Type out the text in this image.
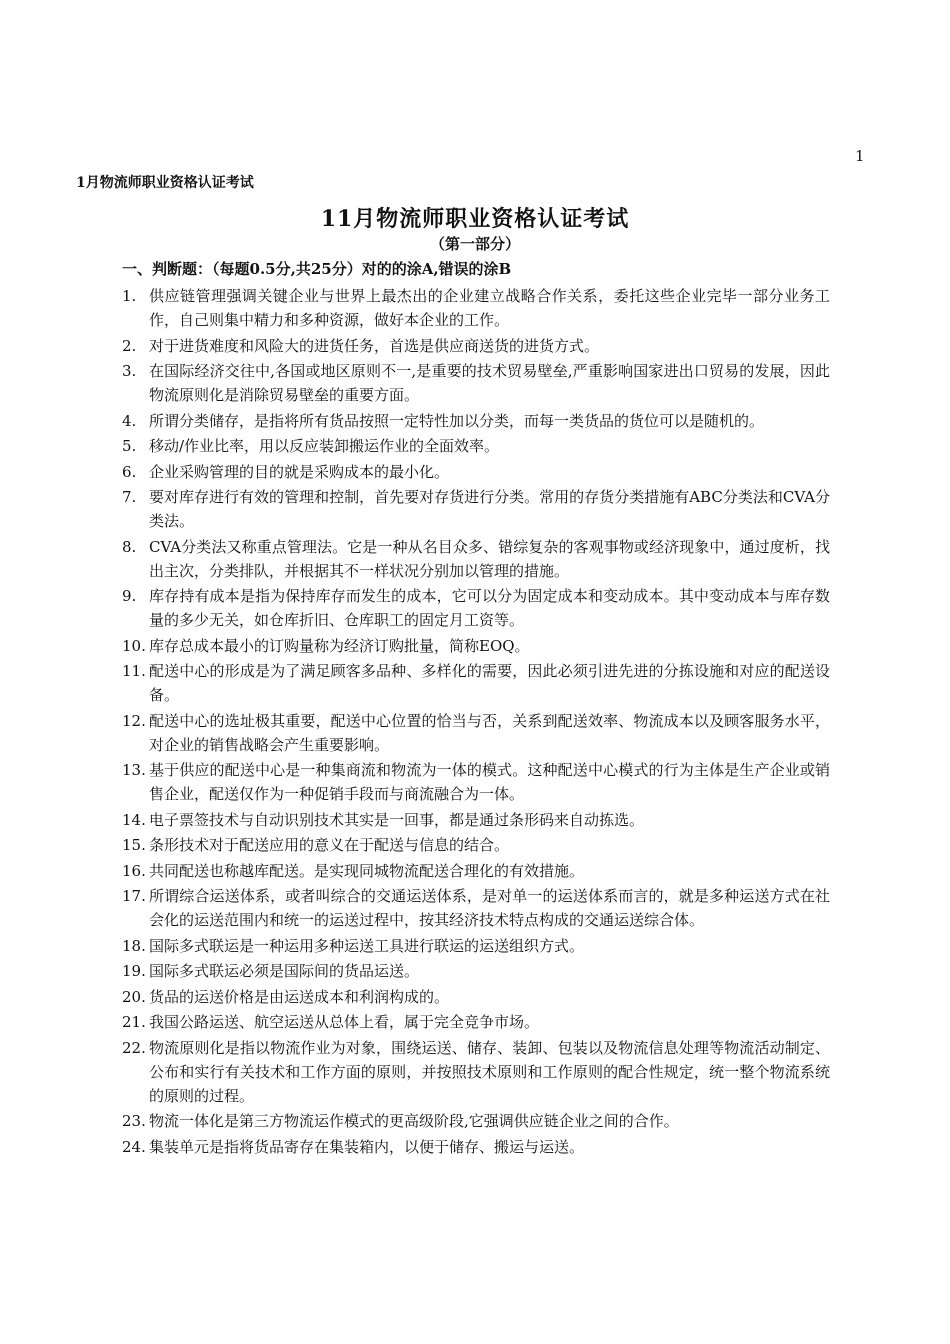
1
1月物流师职业资格认证考试
11月物流师职业资格认证考试
（第一部分）
一、判断题：（每题0.5分,共25分）对的的涂A,错误的涂B
1. 供应链管理强调关键企业与世界上最杰出的企业建立战略合作关系，委托这些企业完毕一部分业务工作，自己则集中精力和多种资源，做好本企业的工作。
2. 对于进货难度和风险大的进货任务，首选是供应商送货的进货方式。
3. 在国际经济交往中,各国或地区原则不一,是重要的技术贸易壁垒,严重影响国家进出口贸易的发展，因此物流原则化是消除贸易壁垒的重要方面。
4. 所谓分类储存，是指将所有货品按照一定特性加以分类，而每一类货品的货位可以是随机的。
5. 移动/作业比率，用以反应装卸搬运作业的全面效率。
6. 企业采购管理的目的就是采购成本的最小化。
7. 要对库存进行有效的管理和控制，首先要对存货进行分类。常用的存货分类措施有ABC分类法和CVA分类法。
8. CVA分类法又称重点管理法。它是一种从名目众多、错综复杂的客观事物或经济现象中，通过度析，找出主次，分类排队，并根据其不一样状况分别加以管理的措施。
9. 库存持有成本是指为保持库存而发生的成本，它可以分为固定成本和变动成本。其中变动成本与库存数量的多少无关，如仓库折旧、仓库职工的固定月工资等。
10. 库存总成本最小的订购量称为经济订购批量，简称EOQ。
11. 配送中心的形成是为了满足顾客多品种、多样化的需要，因此必须引进先进的分拣设施和对应的配送设备。
12. 配送中心的选址极其重要，配送中心位置的恰当与否，关系到配送效率、物流成本以及顾客服务水平，对企业的销售战略会产生重要影响。
13. 基于供应的配送中心是一种集商流和物流为一体的模式。这种配送中心模式的行为主体是生产企业或销售企业，配送仅作为一种促销手段而与商流融合为一体。
14. 电子票签技术与自动识别技术其实是一回事，都是通过条形码来自动拣选。
15. 条形技术对于配送应用的意义在于配送与信息的结合。
16. 共同配送也称越库配送。是实现同城物流配送合理化的有效措施。
17. 所谓综合运送体系，或者叫综合的交通运送体系，是对单一的运送体系而言的，就是多种运送方式在社会化的运送范围内和统一的运送过程中，按其经济技术特点构成的交通运送综合体。
18. 国际多式联运是一种运用多种运送工具进行联运的运送组织方式。
19. 国际多式联运必须是国际间的货品运送。
20. 货品的运送价格是由运送成本和利润构成的。
21. 我国公路运送、航空运送从总体上看，属于完全竞争市场。
22. 物流原则化是指以物流作业为对象，围绕运送、储存、装卸、包装以及物流信息处理等物流活动制定、公布和实行有关技术和工作方面的原则，并按照技术原则和工作原则的配合性规定，统一整个物流系统的原则的过程。
23. 物流一体化是第三方物流运作模式的更高级阶段,它强调供应链企业之间的合作。
24. 集装单元是指将货品寄存在集装箱内，以便于储存、搬运与运送。
